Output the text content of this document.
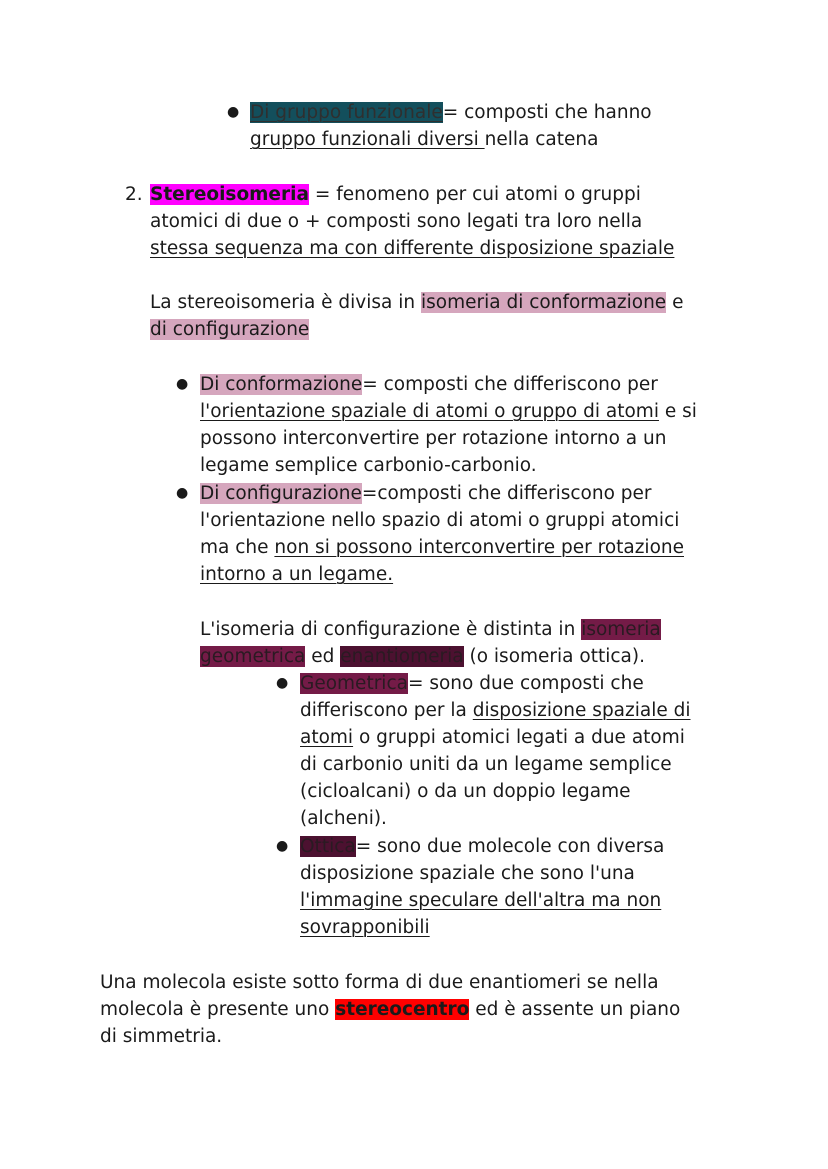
● Di gruppo funzionale= composti che hanno
gruppo funzionali diversi nella catena
2. Stereoisomeria = fenomeno per cui atomi o gruppi
atomici di due o + composti sono legati tra loro nella
stessa sequenza ma con differente disposizione spaziale
La stereoisomeria è divisa in isomeria di conformazione e
di configurazione
● Di conformazione= composti che differiscono per
l'orientazione spaziale di atomi o gruppo di atomi e si
possono interconvertire per rotazione intorno a un
legame semplice carbonio-carbonio.
● Di configurazione=composti che differiscono per
l'orientazione nello spazio di atomi o gruppi atomici
ma che non si possono interconvertire per rotazione
intorno a un legame.
L'isomeria di configurazione è distinta in isomeria
geometrica ed enantiomeria (o isomeria ottica).
● Geometrica= sono due composti che
differiscono per la disposizione spaziale di
atomi o gruppi atomici legati a due atomi
di carbonio uniti da un legame semplice
(cicloalcani) o da un doppio legame
(alcheni).
● Ottica= sono due molecole con diversa
disposizione spaziale che sono l'una
l'immagine speculare dell'altra ma non
sovrapponibili
Una molecola esiste sotto forma di due enantiomeri se nella
molecola è presente uno stereocentro ed è assente un piano
di simmetria.
